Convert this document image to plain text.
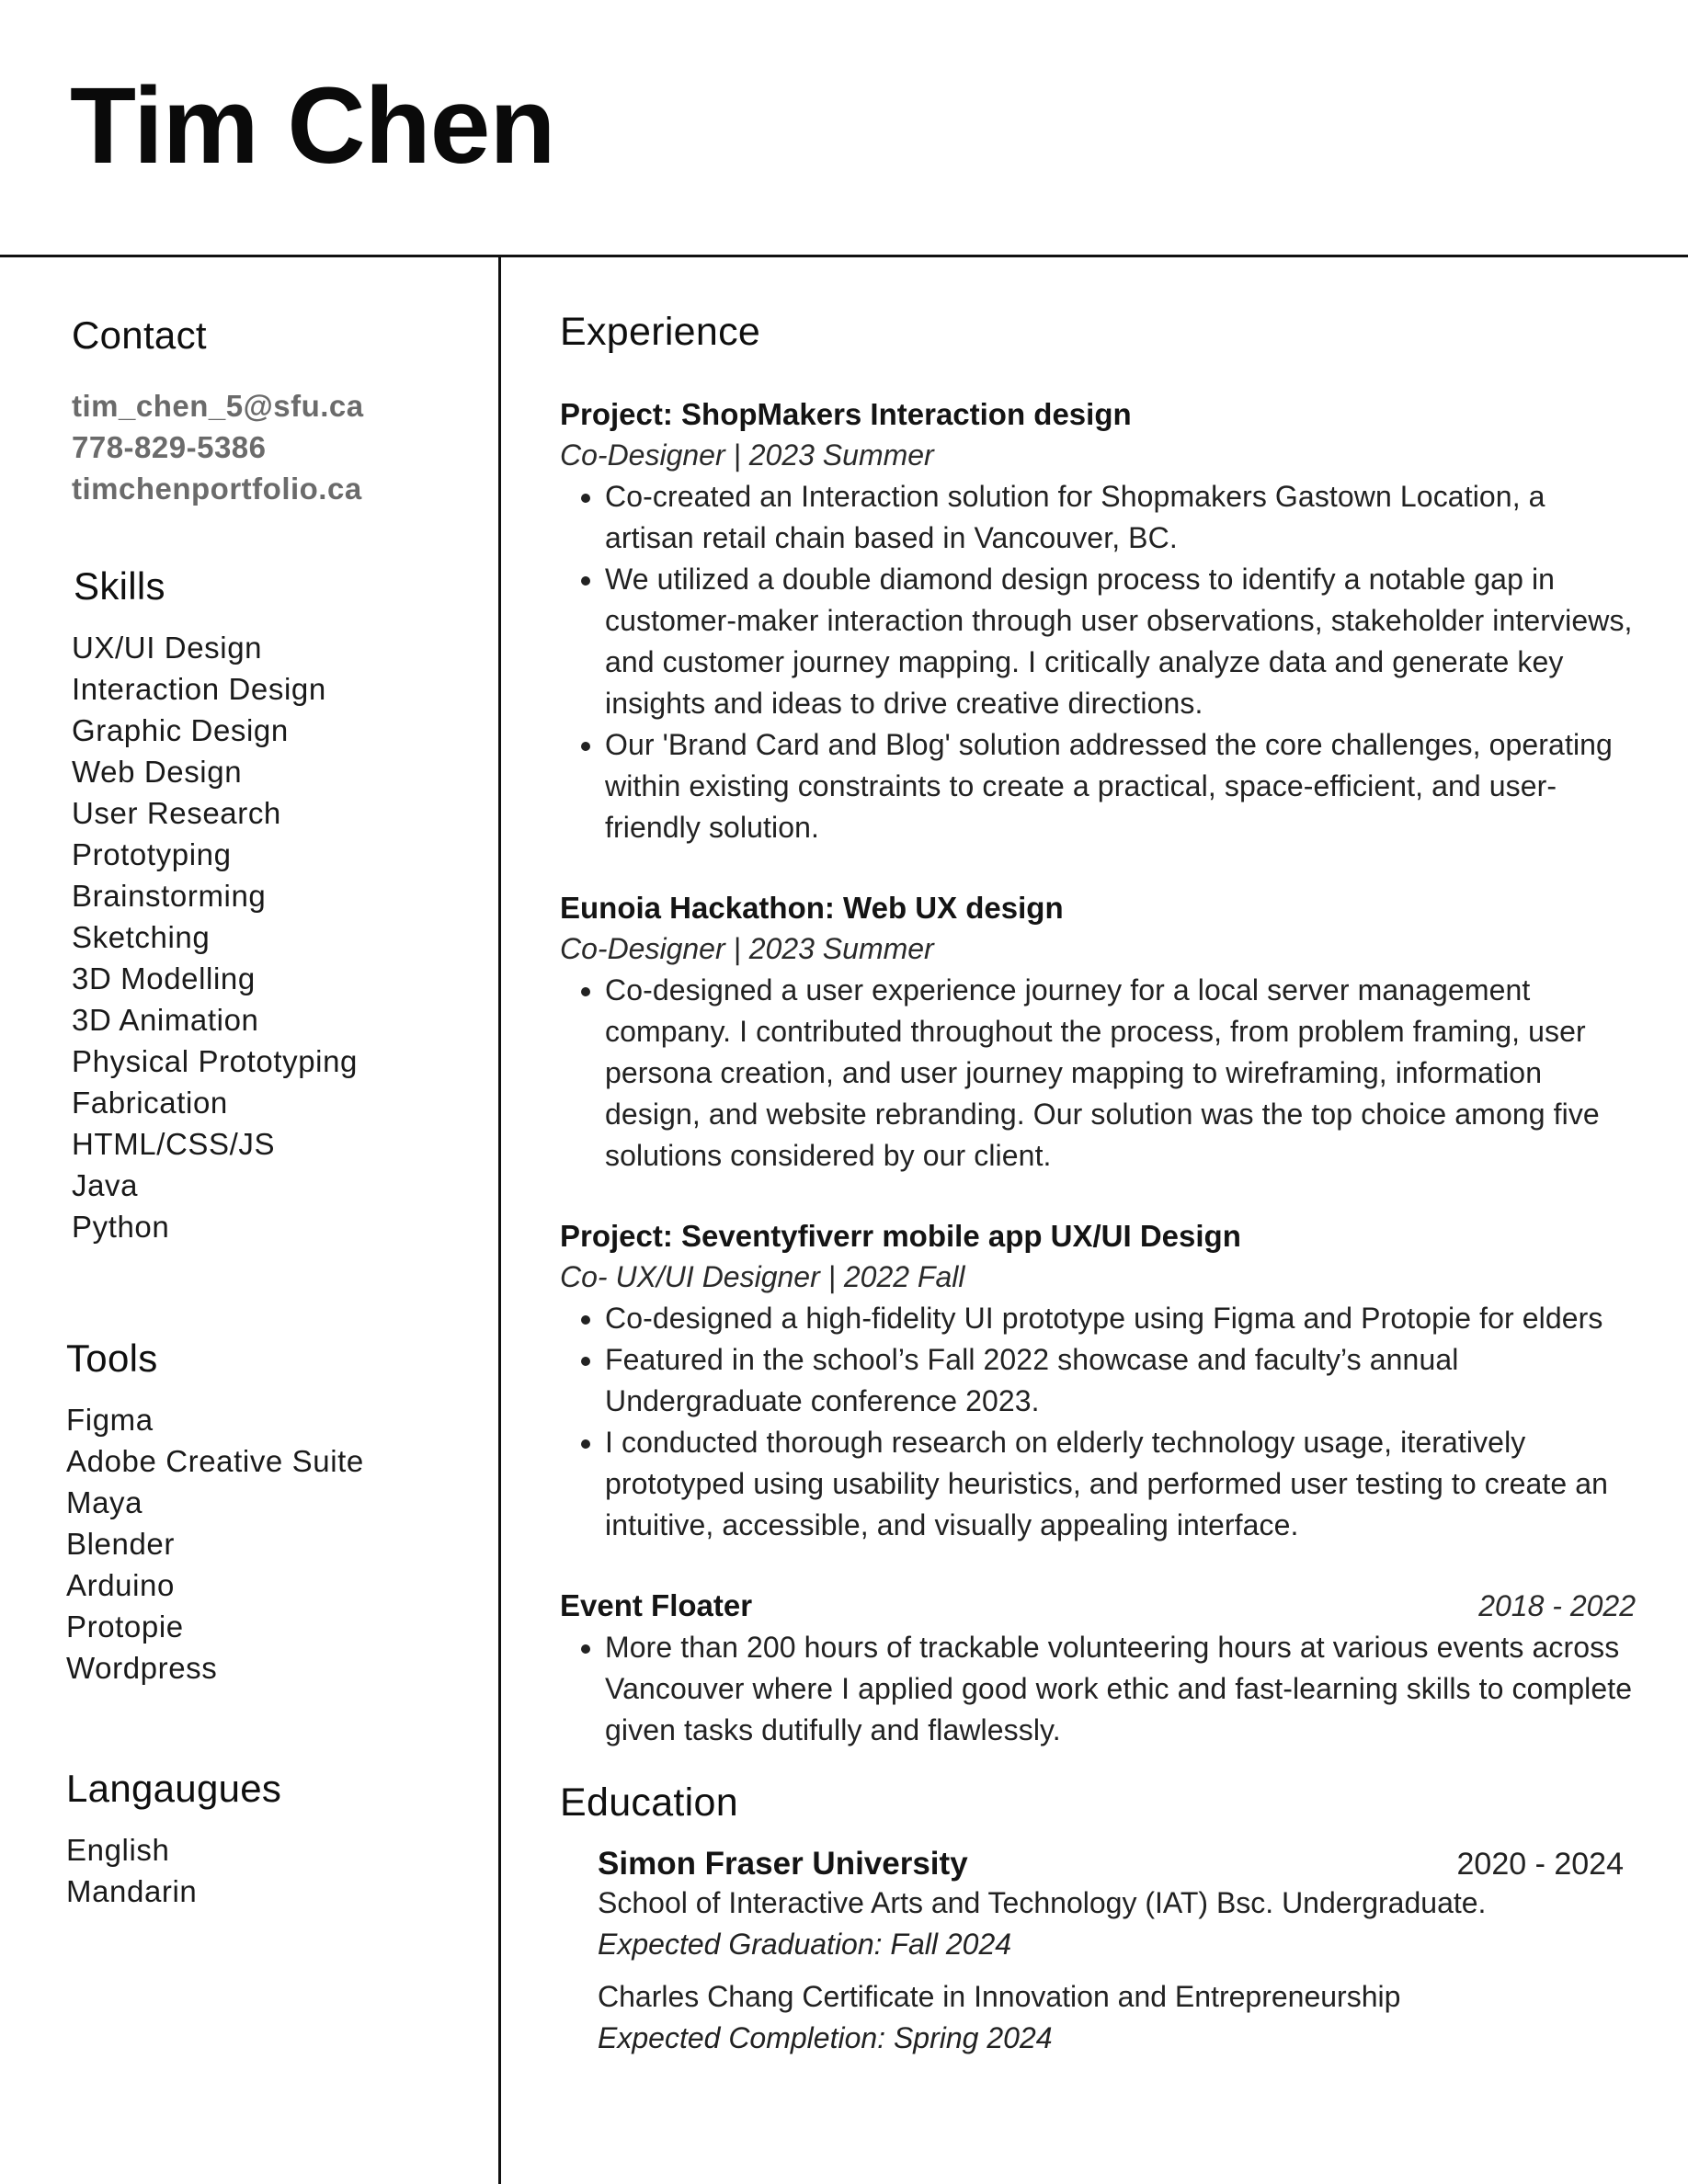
Tim Chen
Contact
tim_chen_5@sfu.ca
778-829-5386
timchenportfolio.ca
Skills
UX/UI Design
Interaction Design
Graphic Design
Web Design
User Research
Prototyping
Brainstorming
Sketching
3D Modelling
3D Animation
Physical Prototyping
Fabrication
HTML/CSS/JS
Java
Python
Tools
Figma
Adobe Creative Suite
Maya
Blender
Arduino
Protopie
Wordpress
Langaugues
English
Mandarin
Experience
Project: ShopMakers Interaction design
Co-Designer | 2023 Summer
• Co-created an Interaction solution for Shopmakers Gastown Location, a artisan retail chain based in Vancouver, BC.
• We utilized a double diamond design process to identify a notable gap in customer-maker interaction through user observations, stakeholder interviews, and customer journey mapping. I critically analyze data and generate key insights and ideas to drive creative directions.
• Our 'Brand Card and Blog' solution addressed the core challenges, operating within existing constraints to create a practical, space-efficient, and user-friendly solution.
Eunoia Hackathon: Web UX design
Co-Designer | 2023 Summer
• Co-designed a user experience journey for a local server management company. I contributed throughout the process, from problem framing, user persona creation, and user journey mapping to wireframing, information design, and website rebranding. Our solution was the top choice among five solutions considered by our client.
Project: Seventyfiverr mobile app UX/UI Design
Co- UX/UI Designer | 2022 Fall
• Co-designed a high-fidelity UI prototype using Figma and Protopie for elders
• Featured in the school’s Fall 2022 showcase and faculty’s annual Undergraduate conference 2023.
• I conducted thorough research on elderly technology usage, iteratively prototyped using usability heuristics, and performed user testing to create an intuitive, accessible, and visually appealing interface.
Event Floater	2018 - 2022
• More than 200 hours of trackable volunteering hours at various events across Vancouver where I applied good work ethic and fast-learning skills to complete given tasks dutifully and flawlessly.
Education
Simon Fraser University	2020 - 2024
School of Interactive Arts and Technology (IAT) Bsc. Undergraduate.
Expected Graduation: Fall 2024
Charles Chang Certificate in Innovation and Entrepreneurship
Expected Completion: Spring 2024
